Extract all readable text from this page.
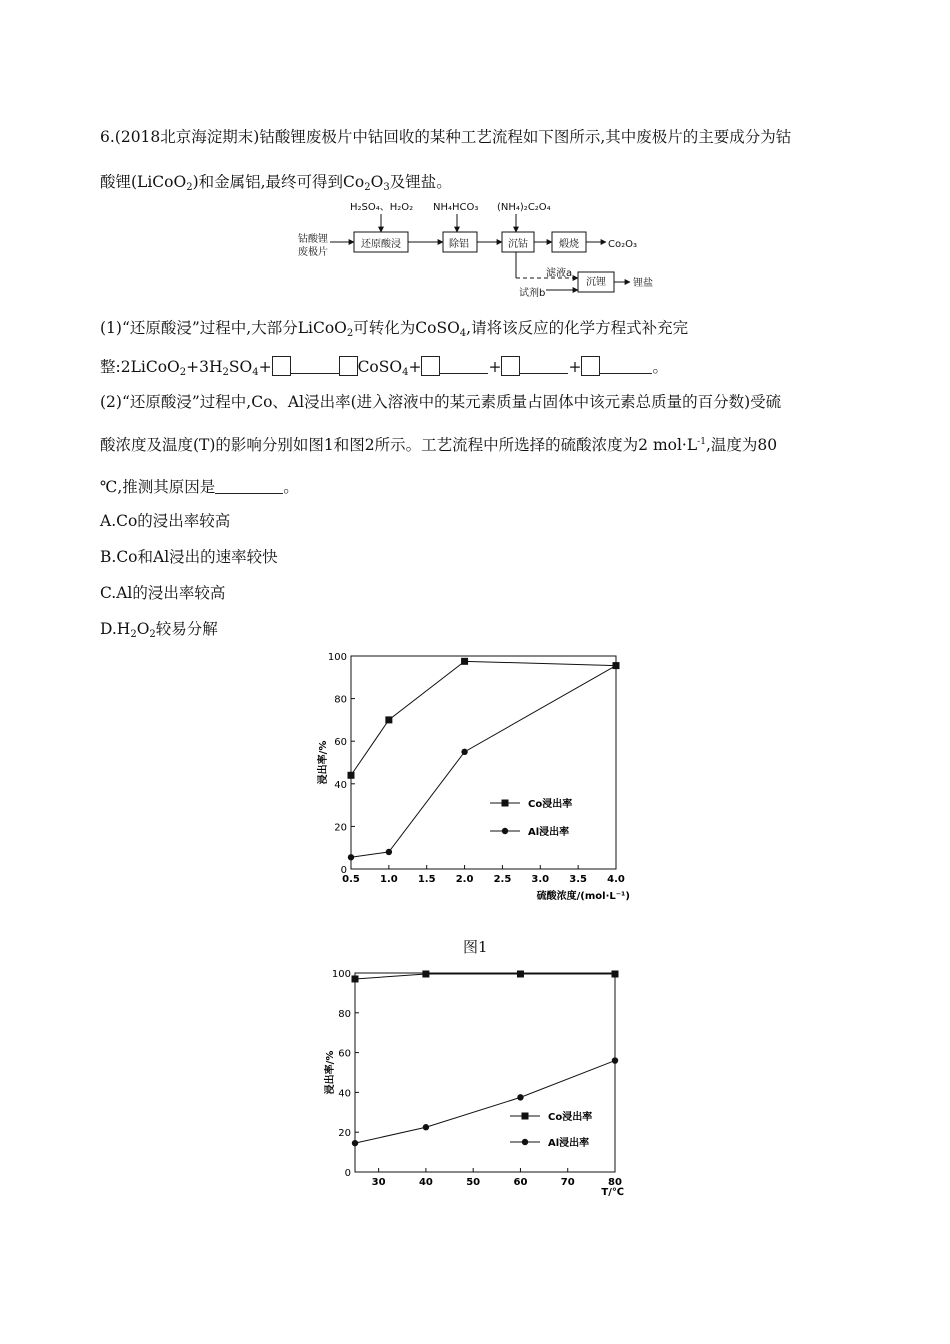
6.(2018北京海淀期末)钴酸锂废极片中钴回收的某种工艺流程如下图所示,其中废极片的主要成分为钴
酸锂(LiCoO$_2$)和金属铝,最终可得到$Co_2O_3$及锂盐。
钴酸锂
废极片
H₂SO₄、H₂O₂ NH₄HCO₃ (NH₄)₂C₂O₄
还原酸浸	除铝	沉钴	煅烧	Co₂O₃
滤液a
试剂b
沉锂	锂盐
(1)“还原酸浸”过程中,大部分LiCoO$_2$可转化为CoSO$_4$,请将该反应的化学方程式补充完
整$:2LiCoO_2+3H_2SO_4+$	CoSO$_4$+	+	+	。
(2)“还原酸浸”过程中,Co、Al浸出率(进入溶液中的某元素质量占固体中该元素总质量的百分数)受硫
酸浓度及温度(T)的影响分别如图1和图2所示。工艺流程中所选择的硫酸浓度为2 $mol\cdot L^{-1}$,温度为80
℃,推测其原因是	。
A.Co的浸出率较高
B.Co和Al浸出的速率较快
C.Al的浸出率较高
$D.H_2O_2$较易分解
0
20
40
60
80
100
0.5 1.0 1.5 2.0 2.5 3.0 3.5 4.0
硫酸浓度/(mol·L⁻¹)
浸出率/%
Co浸出率
Al浸出率
图1
0
20
40
60
80
100
30	40	50	60	70	80
T/℃
浸出率/%
Co浸出率
Al浸出率
